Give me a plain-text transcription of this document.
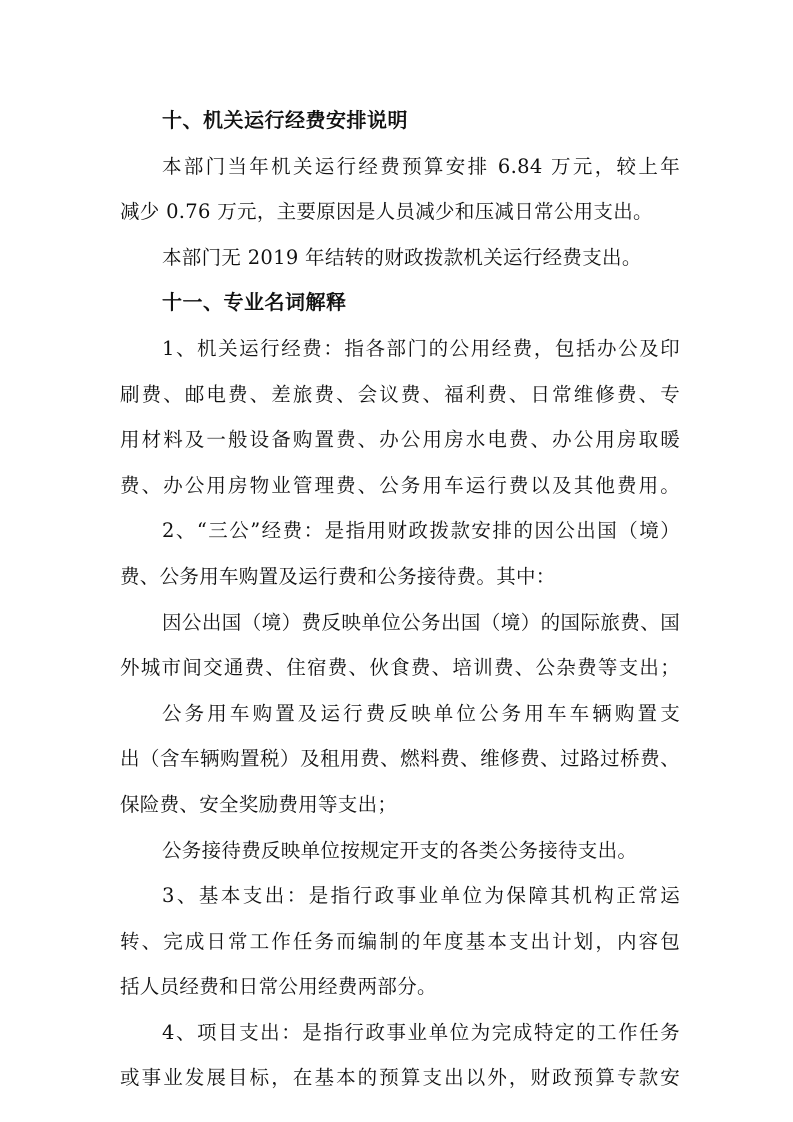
十、机关运行经费安排说明
本部门当年机关运行经费预算安排 6.84 万元，较上年
减少 0.76 万元，主要原因是人员减少和压减日常公用支出。
本部门无 2019 年结转的财政拨款机关运行经费支出。
十一、专业名词解释
1、机关运行经费：指各部门的公用经费，包括办公及印
刷费、邮电费、差旅费、会议费、福利费、日常维修费、专
用材料及一般设备购置费、办公用房水电费、办公用房取暖
费、办公用房物业管理费、公务用车运行费以及其他费用。
2、“三公”经费：是指用财政拨款安排的因公出国（境）
费、公务用车购置及运行费和公务接待费。其中：
因公出国（境）费反映单位公务出国（境）的国际旅费、国
外城市间交通费、住宿费、伙食费、培训费、公杂费等支出；
公务用车购置及运行费反映单位公务用车车辆购置支
出（含车辆购置税）及租用费、燃料费、维修费、过路过桥费、
保险费、安全奖励费用等支出；
公务接待费反映单位按规定开支的各类公务接待支出。
3、基本支出：是指行政事业单位为保障其机构正常运
转、完成日常工作任务而编制的年度基本支出计划，内容包
括人员经费和日常公用经费两部分。
4、项目支出：是指行政事业单位为完成特定的工作任务
或事业发展目标，在基本的预算支出以外，财政预算专款安
